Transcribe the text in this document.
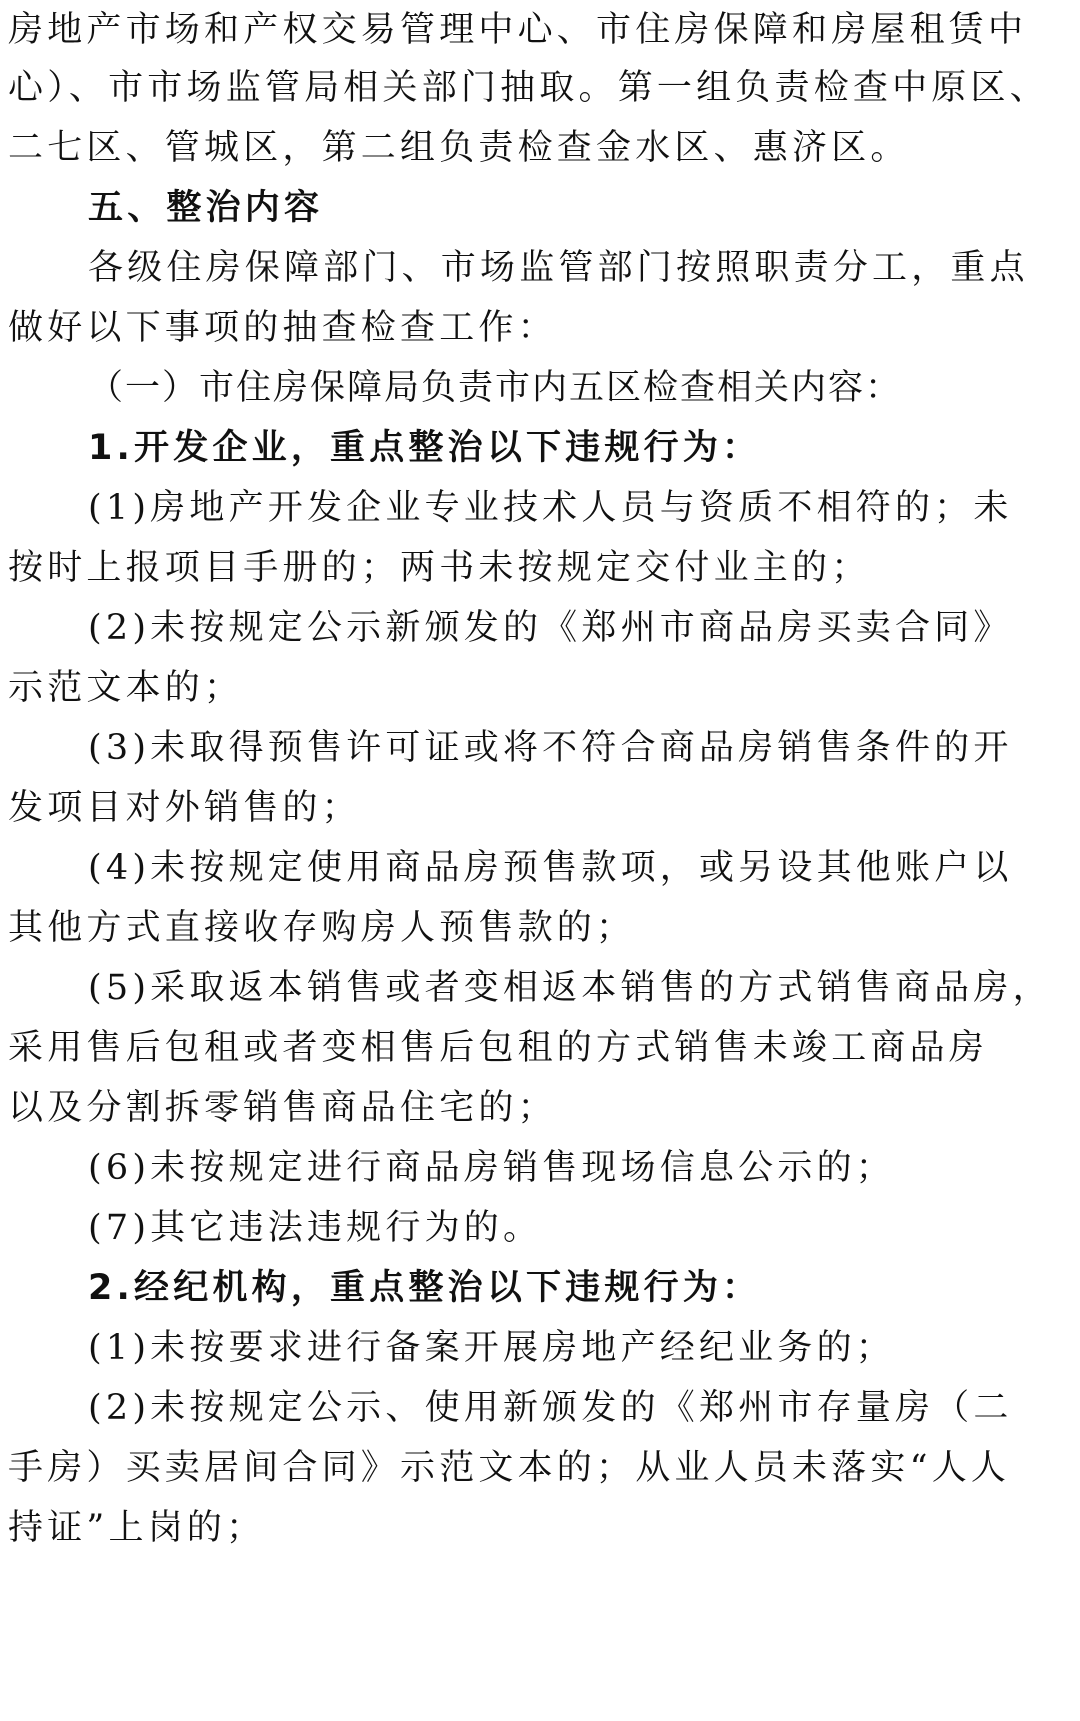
房地产市场和产权交易管理中心、市住房保障和房屋租赁中
心）、市市场监管局相关部门抽取。第一组负责检查中原区、
二七区、管城区，第二组负责检查金水区、惠济区。
五、整治内容
各级住房保障部门、市场监管部门按照职责分工，重点
做好以下事项的抽查检查工作：
（一）市住房保障局负责市内五区检查相关内容：
1.开发企业，重点整治以下违规行为：
(1)房地产开发企业专业技术人员与资质不相符的；未
按时上报项目手册的；两书未按规定交付业主的；
(2)未按规定公示新颁发的《郑州市商品房买卖合同》
示范文本的；
(3)未取得预售许可证或将不符合商品房销售条件的开
发项目对外销售的；
(4)未按规定使用商品房预售款项，或另设其他账户以
其他方式直接收存购房人预售款的；
(5)采取返本销售或者变相返本销售的方式销售商品房，
采用售后包租或者变相售后包租的方式销售未竣工商品房
以及分割拆零销售商品住宅的；
(6)未按规定进行商品房销售现场信息公示的；
(7)其它违法违规行为的。
2.经纪机构，重点整治以下违规行为：
(1)未按要求进行备案开展房地产经纪业务的；
(2)未按规定公示、使用新颁发的《郑州市存量房（二
手房）买卖居间合同》示范文本的；从业人员未落实“人人
持证”上岗的；
